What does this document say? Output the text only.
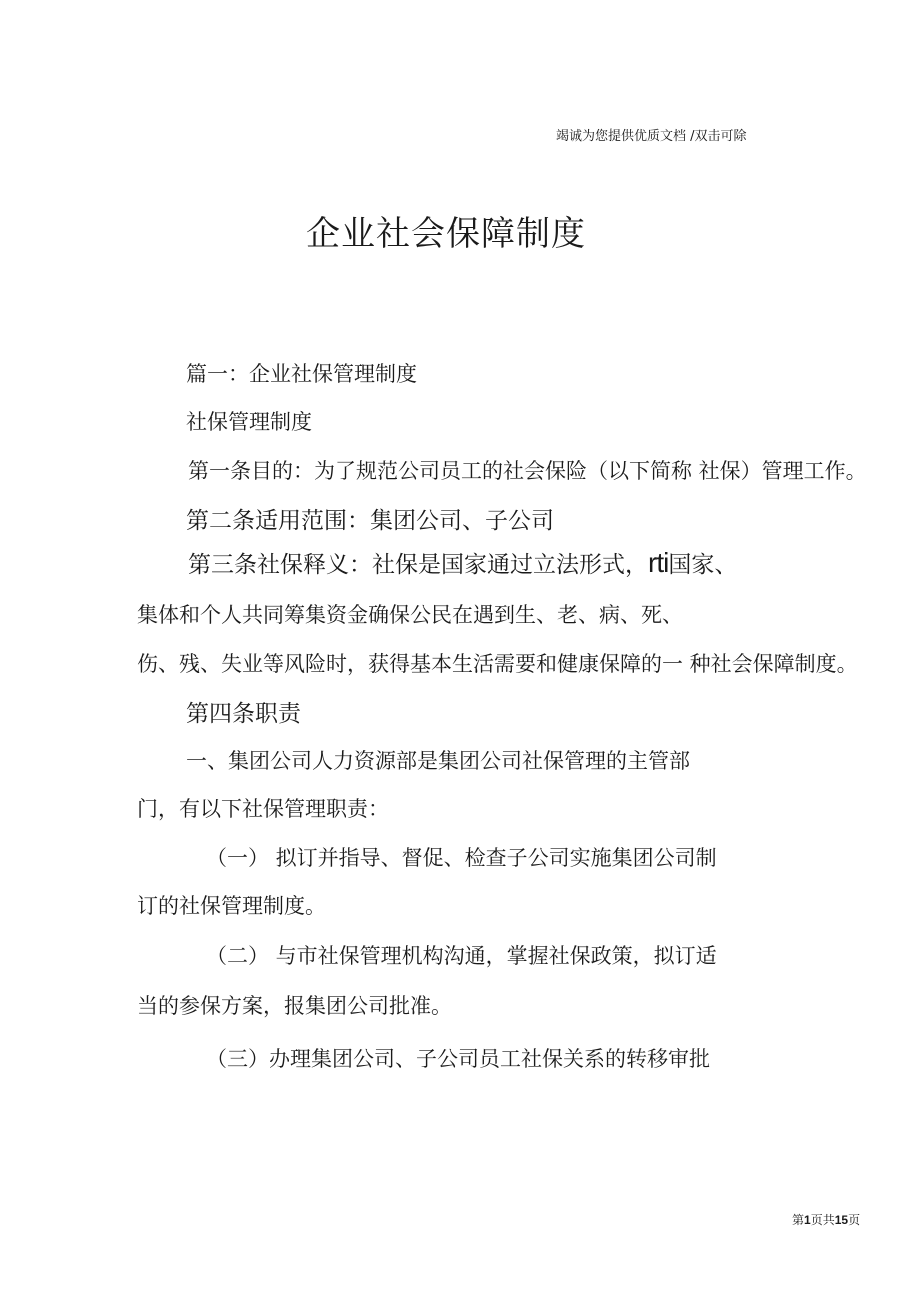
竭诚为您提供优质文档 /双击可除
企业社会保障制度
篇一：企业社保管理制度
社保管理制度
第一条目的：为了规范公司员工的社会保险（以下简称 社保）管理工作。
第二条适用范围：集团公司、子公司
第三条社保释义：社保是国家通过立法形式，rti国家、
集体和个人共同筹集资金确保公民在遇到生、老、病、死、
伤、残、失业等风险时，获得基本生活需要和健康保障的一 种社会保障制度。
第四条职责
一、集团公司人力资源部是集团公司社保管理的主管部
门，有以下社保管理职责：
（一） 拟订并指导、督促、检查子公司实施集团公司制
订的社保管理制度。
（二） 与市社保管理机构沟通，掌握社保政策，拟订适
当的参保方案，报集团公司批准。
（三）办理集团公司、子公司员工社保关系的转移审批
第1页共15页
